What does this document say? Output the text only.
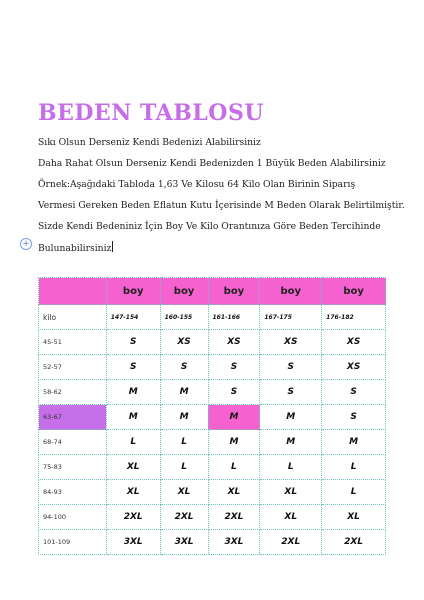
BEDEN TABLOSU
Sıkı Olsun Derseniz Kendi Bedenizi Alabilirsiniz
Daha Rahat Olsun Derseniz Kendi Bedenizden 1 Büyük Beden Alabilirsiniz
Örnek:Aşağıdaki Tabloda 1,63 Ve Kilosu 64 Kilo Olan Birinin Siparış
Vermesi Gereken Beden Eflatun Kutu İçerisinde M Beden Olarak Belirtilmiştir.
Sizde Kendi Bedeniniz İçin Boy Ve Kilo Orantınıza Göre Beden Tercihinde
Bulunabilirsiniz
+
	boy	boy	boy	boy	boy
kilo	147-154	160-155	161-166	167-175	176-182
45-51	S	XS	XS	XS	XS
52-57	S	S	S	S	XS
58-62	M	M	S	S	S
63-67	M	M	M	M	S
68-74	L	L	M	M	M
75-83	XL	L	L	L	L
84-93	XL	XL	XL	XL	L
94-100	2XL	2XL	2XL	XL	XL
101-109	3XL	3XL	3XL	2XL	2XL
